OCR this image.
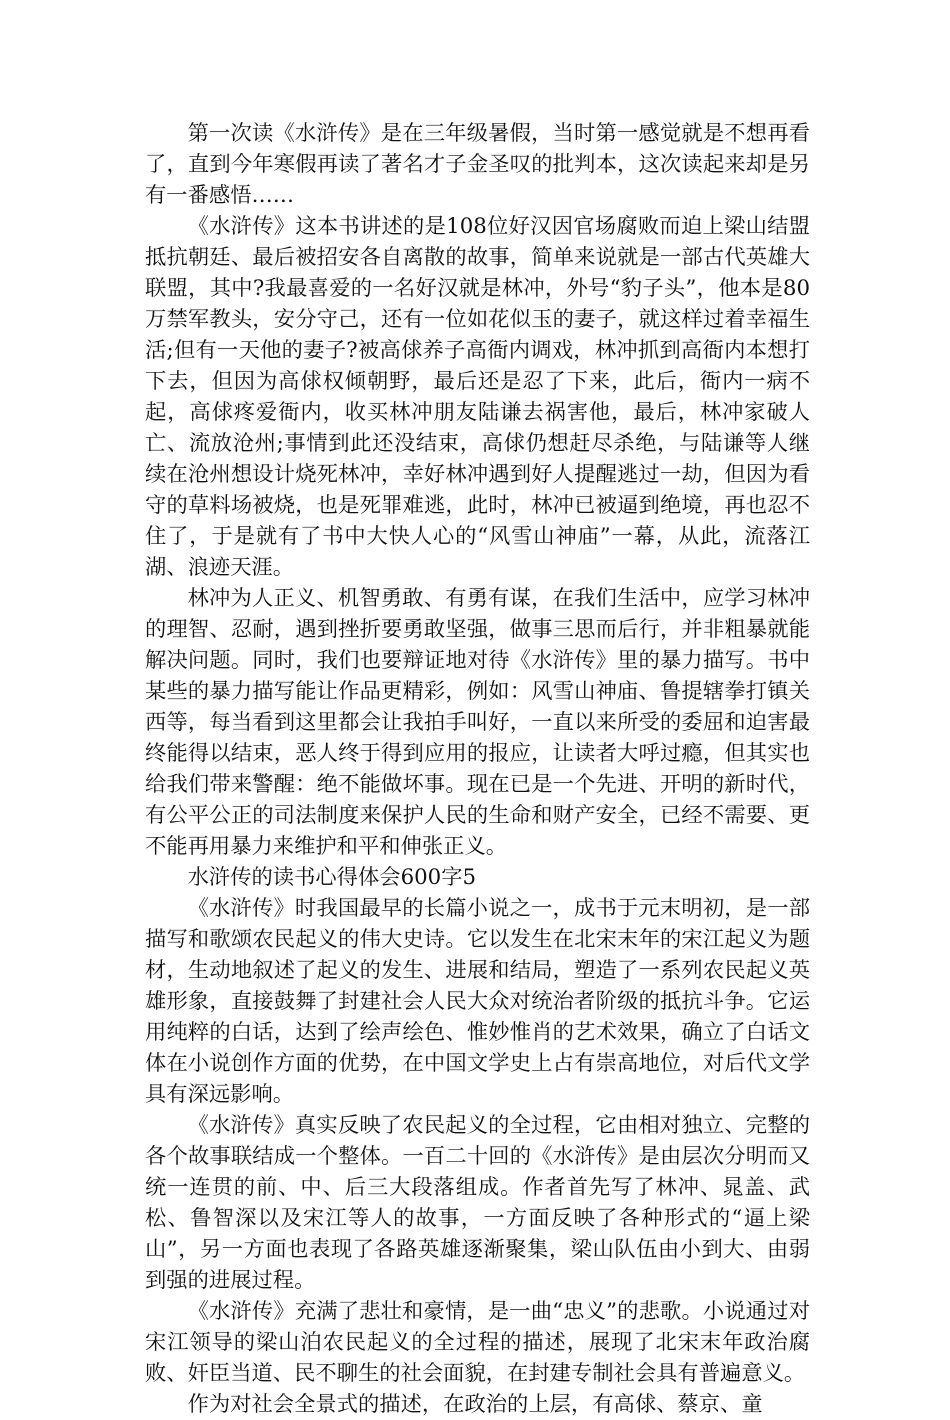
第一次读《水浒传》是在三年级暑假，当时第一感觉就是不想再看了，直到今年寒假再读了著名才子金圣叹的批判本，这次读起来却是另有一番感悟……

《水浒传》这本书讲述的是108位好汉因官场腐败而迫上梁山结盟抵抗朝廷、最后被招安各自离散的故事，简单来说就是一部古代英雄大联盟，其中?我最喜爱的一名好汉就是林冲，外号“豹子头”，他本是80万禁军教头，安分守己，还有一位如花似玉的妻子，就这样过着幸福生活;但有一天他的妻子?被高俅养子高衙内调戏，林冲抓到高衙内本想打下去，但因为高俅权倾朝野，最后还是忍了下来，此后，衙内一病不起，高俅疼爱衙内，收买林冲朋友陆谦去祸害他，最后，林冲家破人亡、流放沧州;事情到此还没结束，高俅仍想赶尽杀绝，与陆谦等人继续在沧州想设计烧死林冲，幸好林冲遇到好人提醒逃过一劫，但因为看守的草料场被烧，也是死罪难逃，此时，林冲已被逼到绝境，再也忍不住了，于是就有了书中大快人心的“风雪山神庙”一幕，从此，流落江湖、浪迹天涯。

林冲为人正义、机智勇敢、有勇有谋，在我们生活中，应学习林冲的理智、忍耐，遇到挫折要勇敢坚强，做事三思而后行，并非粗暴就能解决问题。同时，我们也要辩证地对待《水浒传》里的暴力描写。书中某些的暴力描写能让作品更精彩，例如：风雪山神庙、鲁提辖拳打镇关西等，每当看到这里都会让我拍手叫好，一直以来所受的委屈和迫害最终能得以结束，恶人终于得到应用的报应，让读者大呼过瘾，但其实也给我们带来警醒：绝不能做坏事。现在已是一个先进、开明的新时代，有公平公正的司法制度来保护人民的生命和财产安全，已经不需要、更不能再用暴力来维护和平和伸张正义。

水浒传的读书心得体会600字5

《水浒传》时我国最早的长篇小说之一，成书于元末明初，是一部描写和歌颂农民起义的伟大史诗。它以发生在北宋末年的宋江起义为题材，生动地叙述了起义的发生、进展和结局，塑造了一系列农民起义英雄形象，直接鼓舞了封建社会人民大众对统治者阶级的抵抗斗争。它运用纯粹的白话，达到了绘声绘色、惟妙惟肖的艺术效果，确立了白话文体在小说创作方面的优势，在中国文学史上占有崇高地位，对后代文学具有深远影响。

《水浒传》真实反映了农民起义的全过程，它由相对独立、完整的各个故事联结成一个整体。一百二十回的《水浒传》是由层次分明而又统一连贯的前、中、后三大段落组成。作者首先写了林冲、晁盖、武松、鲁智深以及宋江等人的故事，一方面反映了各种形式的“逼上梁山”，另一方面也表现了各路英雄逐渐聚集，梁山队伍由小到大、由弱到强的进展过程。

《水浒传》充满了悲壮和豪情，是一曲“忠义”的悲歌。小说通过对宋江领导的梁山泊农民起义的全过程的描述，展现了北宋末年政治腐败、奸臣当道、民不聊生的社会面貌，在封建专制社会具有普遍意义。

作为对社会全景式的描述，在政治的上层，有高俅、蔡京、童
